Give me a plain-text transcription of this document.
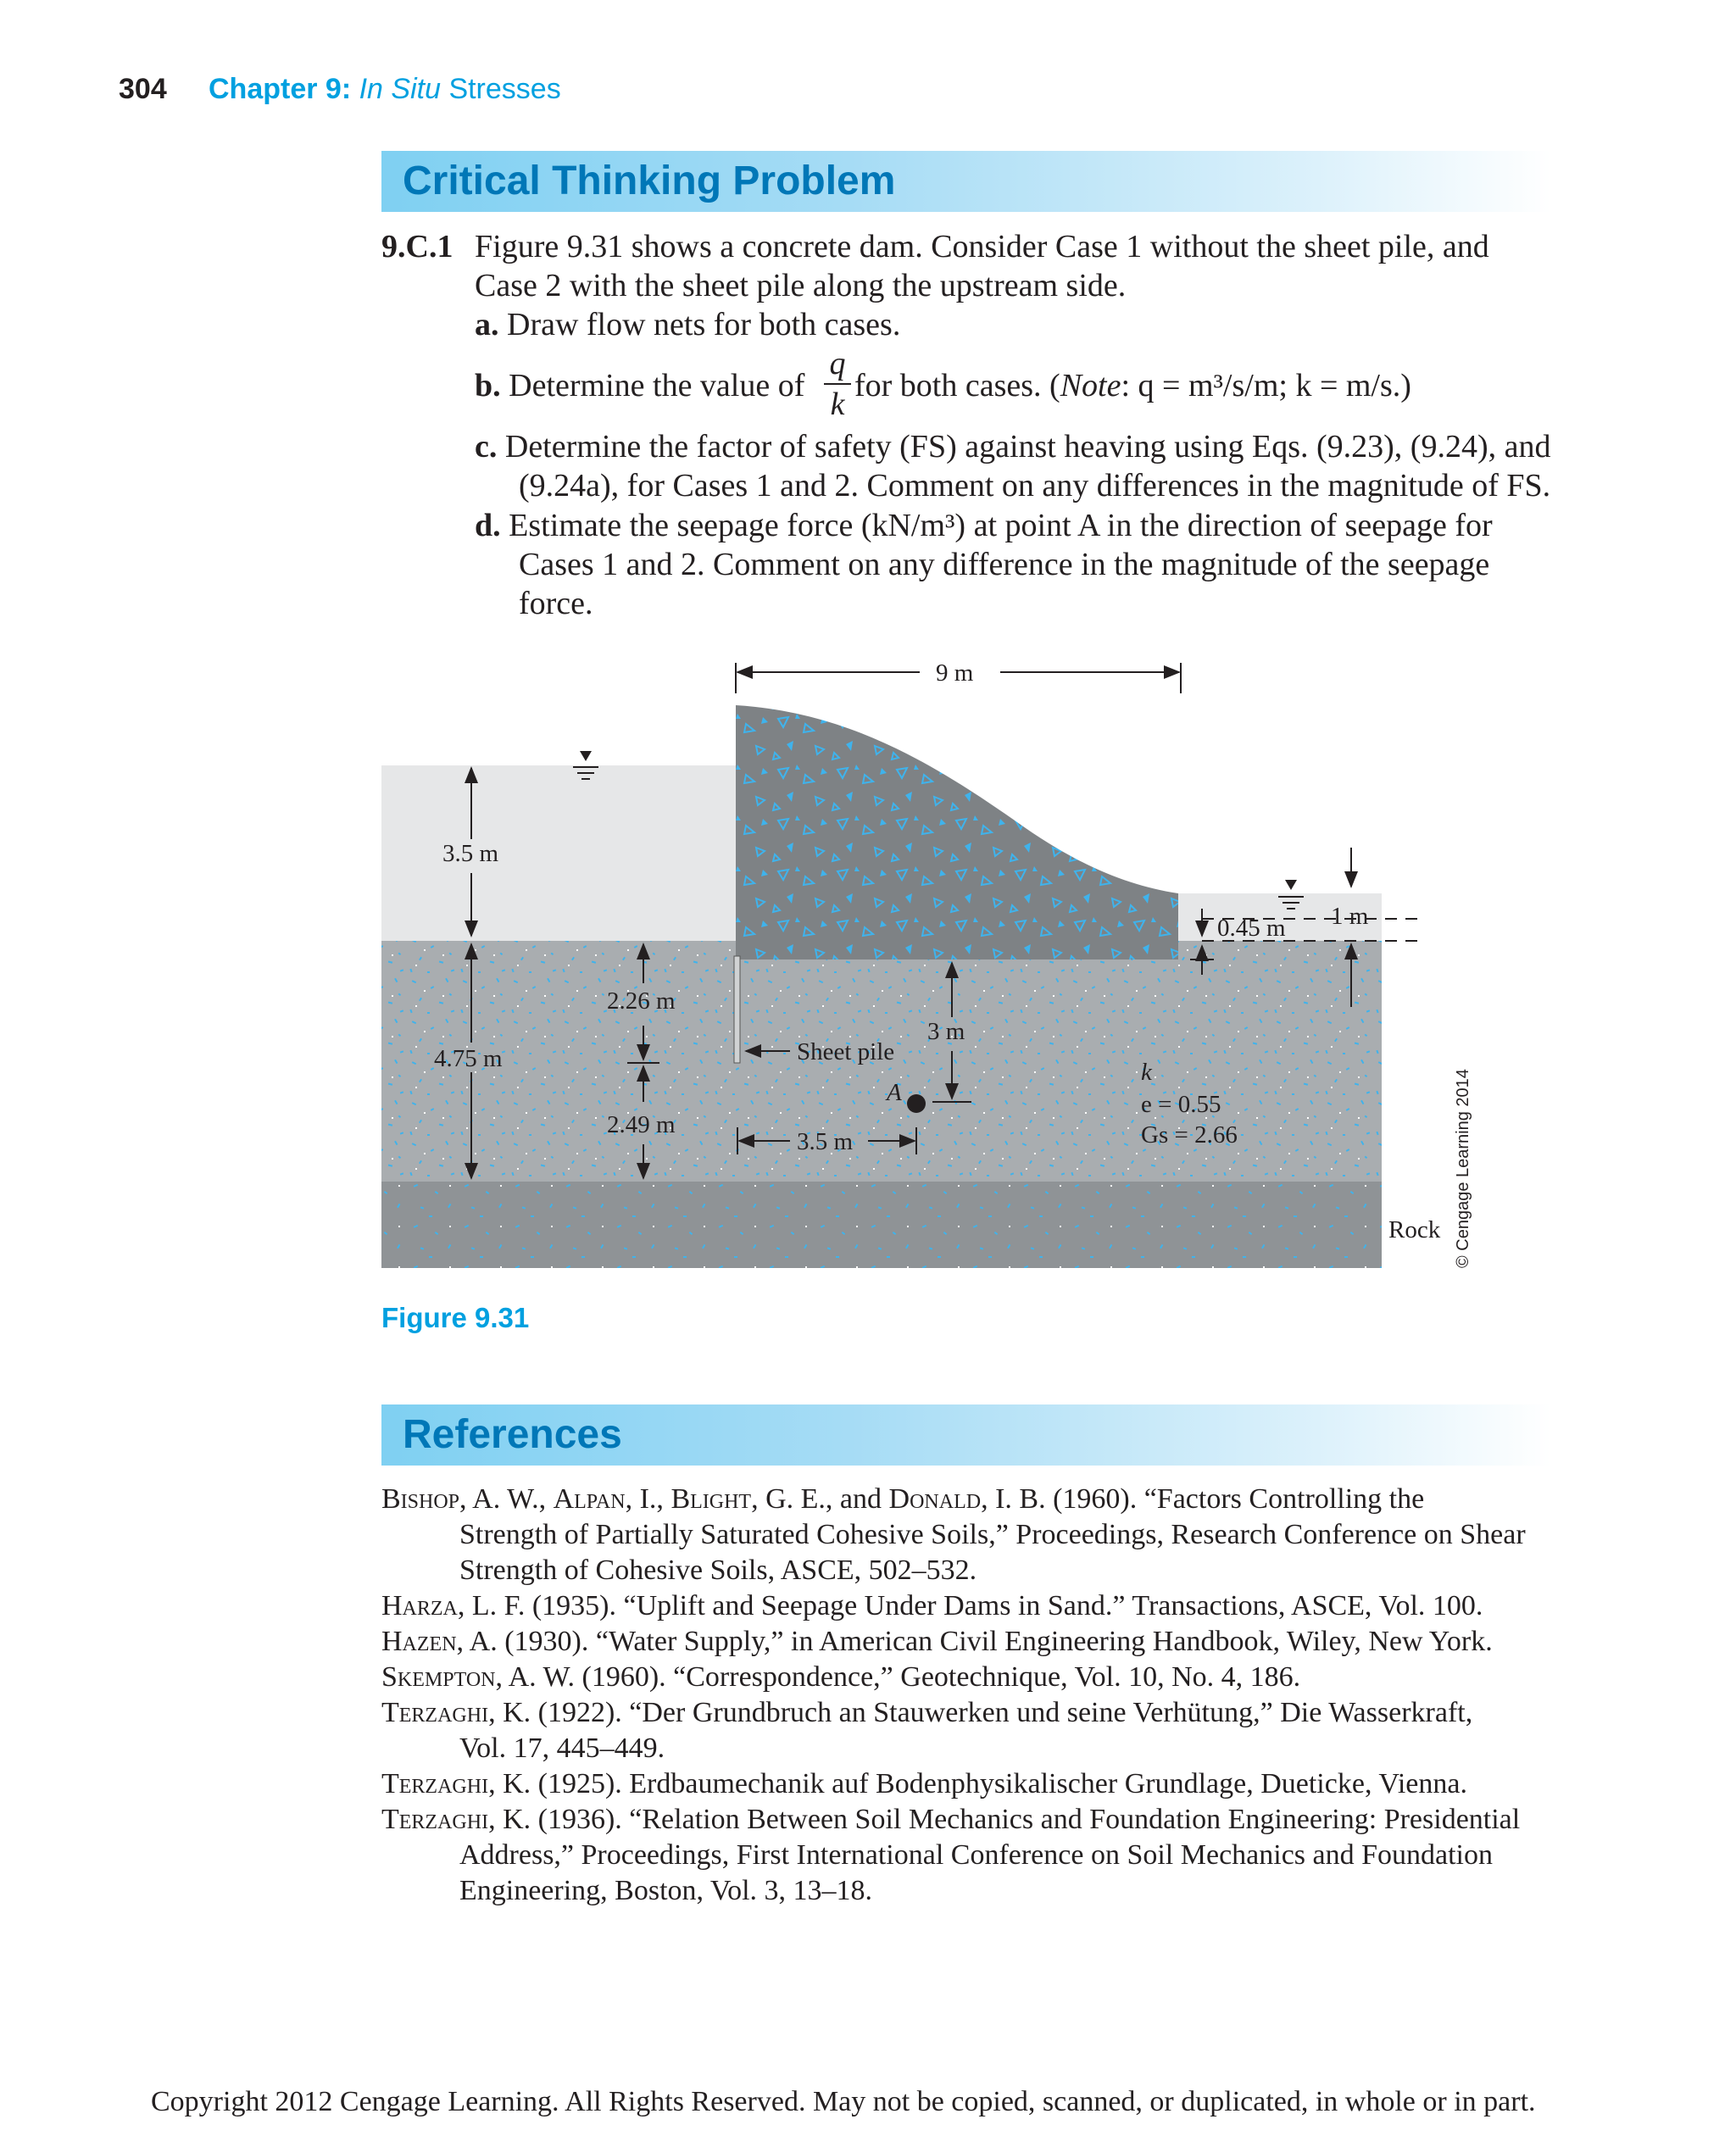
304 Chapter 9: In Situ Stresses
Critical Thinking Problem
9.C.1 Figure 9.31 shows a concrete dam. Consider Case 1 without the sheet pile, and
Case 2 with the sheet pile along the upstream side.
a. Draw flow nets for both cases.
b. Determine the value of
q
k
for both cases. (Note: q = m³/s/m; k = m/s.)
c. Determine the factor of safety (FS) against heaving using Eqs. (9.23), (9.24), and
(9.24a), for Cases 1 and 2. Comment on any differences in the magnitude of FS.
d. Estimate the seepage force (kN/m³) at point A in the direction of seepage for
Cases 1 and 2. Comment on any difference in the magnitude of the seepage
force.
9 m
3.5 m
4.75 m
2.26 m
2.49 m
Sheet pile
3 m
A
3.5 m
0.45 m 1 m
k
e = 0.55
Gs = 2.66
Rock © Cengage Learning 2014
Figure 9.31
References
Bishop, A. W., Alpan, I., Blight, G. E., and Donald, I. B. (1960). “Factors Controlling the
Strength of Partially Saturated Cohesive Soils,” Proceedings, Research Conference on Shear
Strength of Cohesive Soils, ASCE, 502–532.
Harza, L. F. (1935). “Uplift and Seepage Under Dams in Sand.” Transactions, ASCE, Vol. 100.
Hazen, A. (1930). “Water Supply,” in American Civil Engineering Handbook, Wiley, New York.
Skempton, A. W. (1960). “Correspondence,” Geotechnique, Vol. 10, No. 4, 186.
Terzaghi, K. (1922). “Der Grundbruch an Stauwerken und seine Verhütung,” Die Wasserkraft,
Vol. 17, 445–449.
Terzaghi, K. (1925). Erdbaumechanik auf Bodenphysikalischer Grundlage, Dueticke, Vienna.
Terzaghi, K. (1936). “Relation Between Soil Mechanics and Foundation Engineering: Presidential
Address,” Proceedings, First International Conference on Soil Mechanics and Foundation
Engineering, Boston, Vol. 3, 13–18.
Copyright 2012 Cengage Learning. All Rights Reserved. May not be copied, scanned, or duplicated, in whole or in part.
